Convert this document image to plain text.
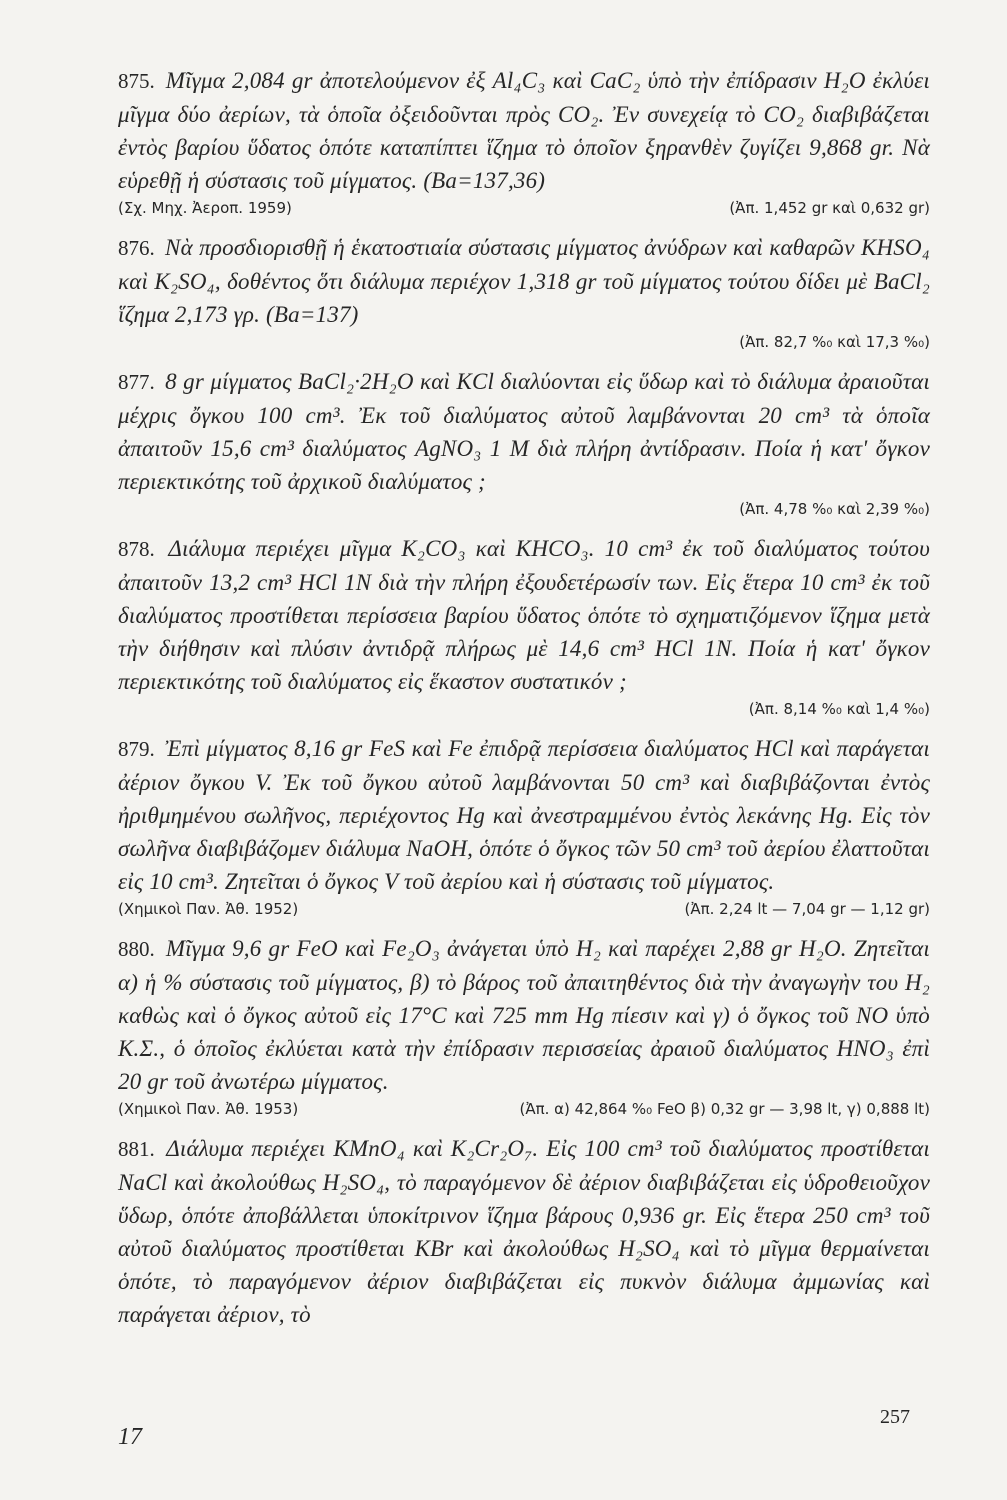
875. Μῖγμα 2,084 gr ἀποτελούμενον ἐξ Al₄C₃ καὶ CaC₂ ὑπὸ τὴν ἐπίδρασιν H₂O ἐκλύει μῖγμα δύο ἀερίων, τὰ ὁποῖα ὀξειδοῦνται πρὸς CO₂. Ἐν συνεχείᾳ τὸ CO₂ διαβιβάζεται ἐντὸς βαρίου ὕδατος ὁπότε καταπίπτει ἵζημα τὸ ὁποῖον ξηρανθὲν ζυγίζει 9,868 gr. Νὰ εὑρεθῇ ἡ σύστασις τοῦ μίγματος. (Ba=137,36)

(Σχ. Μηχ. Ἀεροπ. 1959)	(Ἀπ. 1,452 gr καὶ 0,632 gr)

876. Νὰ προσδιορισθῇ ἡ ἑκατοστιαία σύστασις μίγματος ἀνύδρων καὶ καθαρῶν KHSO₄ καὶ K₂SO₄, δοθέντος ὅτι διάλυμα περιέχον 1,318 gr τοῦ μίγματος τούτου δίδει μὲ BaCl₂ ἵζημα 2,173 γρ. (Ba=137)

(Ἀπ. 82,7 %₀ καὶ 17,3 %₀)

877. 8 gr μίγματος BaCl₂·2H₂O καὶ KCl διαλύονται εἰς ὕδωρ καὶ τὸ διάλυμα ἀραιοῦται μέχρις ὄγκου 100 cm³. Ἐκ τοῦ διαλύματος αὐτοῦ λαμβάνονται 20 cm³ τὰ ὁποῖα ἀπαιτοῦν 15,6 cm³ διαλύματος AgNO₃ 1 M διὰ πλήρη ἀντίδρασιν. Ποία ἡ κατ' ὄγκον περιεκτικότης τοῦ ἀρχικοῦ διαλύματος ;

(Ἀπ. 4,78 %₀ καὶ 2,39 %₀)

878. Διάλυμα περιέχει μῖγμα K₂CO₃ καὶ KHCO₃. 10 cm³ ἐκ τοῦ διαλύματος τούτου ἀπαιτοῦν 13,2 cm³ HCl 1N διὰ τὴν πλήρη ἐξουδετέρωσίν των. Εἰς ἕτερα 10 cm³ ἐκ τοῦ διαλύματος προστίθεται περίσσεια βαρίου ὕδατος ὁπότε τὸ σχηματιζόμενον ἵζημα μετὰ τὴν διήθησιν καὶ πλύσιν ἀντιδρᾷ πλήρως μὲ 14,6 cm³ HCl 1N. Ποία ἡ κατ' ὄγκον περιεκτικότης τοῦ διαλύματος εἰς ἕκαστον συστατικόν ;

(Ἀπ. 8,14 %₀ καὶ 1,4 %₀)

879. Ἐπὶ μίγματος 8,16 gr FeS καὶ Fe ἐπιδρᾷ περίσσεια διαλύματος HCl καὶ παράγεται ἀέριον ὄγκου V. Ἐκ τοῦ ὄγκου αὐτοῦ λαμβάνονται 50 cm³ καὶ διαβιβάζονται ἐντὸς ἠριθμημένου σωλῆνος, περιέχοντος Hg καὶ ἀνεστραμμένου ἐντὸς λεκάνης Hg. Εἰς τὸν σωλῆνα διαβιβάζομεν διάλυμα NaOH, ὁπότε ὁ ὄγκος τῶν 50 cm³ τοῦ ἀερίου ἐλαττοῦται εἰς 10 cm³. Ζητεῖται ὁ ὄγκος V τοῦ ἀερίου καὶ ἡ σύστασις τοῦ μίγματος.

(Χημικοὶ Παν. Ἀθ. 1952)	(Ἀπ. 2,24 lt — 7,04 gr — 1,12 gr)

880. Μῖγμα 9,6 gr FeO καὶ Fe₂O₃ ἀνάγεται ὑπὸ H₂ καὶ παρέχει 2,88 gr H₂O. Ζητεῖται α) ἡ % σύστασις τοῦ μίγματος, β) τὸ βάρος τοῦ ἀπαιτηθέντος διὰ τὴν ἀναγωγὴν του H₂ καθὼς καὶ ὁ ὄγκος αὐτοῦ εἰς 17°C καὶ 725 mm Hg πίεσιν καὶ γ) ὁ ὄγκος τοῦ NO ὑπὸ Κ.Σ., ὁ ὁποῖος ἐκλύεται κατὰ τὴν ἐπίδρασιν περισσείας ἀραιοῦ διαλύματος HNO₃ ἐπὶ 20 gr τοῦ ἀνωτέρω μίγματος.

(Χημικοὶ Παν. Ἀθ. 1953)	(Ἀπ. α) 42,864 %₀ FeO β) 0,32 gr — 3,98 lt, γ) 0,888 lt)

881. Διάλυμα περιέχει KMnO₄ καὶ K₂Cr₂O₇. Εἰς 100 cm³ τοῦ διαλύματος προστίθεται NaCl καὶ ἀκολούθως H₂SO₄, τὸ παραγόμενον δὲ ἀέριον διαβιβάζεται εἰς ὑδροθειοῦχον ὕδωρ, ὁπότε ἀποβάλλεται ὑποκίτρινον ἵζημα βάρους 0,936 gr. Εἰς ἕτερα 250 cm³ τοῦ αὐτοῦ διαλύματος προστίθεται KBr καὶ ἀκολούθως H₂SO₄ καὶ τὸ μῖγμα θερμαίνεται ὁπότε, τὸ παραγόμενον ἀέριον διαβιβάζεται εἰς πυκνὸν διάλυμα ἀμμωνίας καὶ παράγεται ἀέριον, τὸ

17
257
